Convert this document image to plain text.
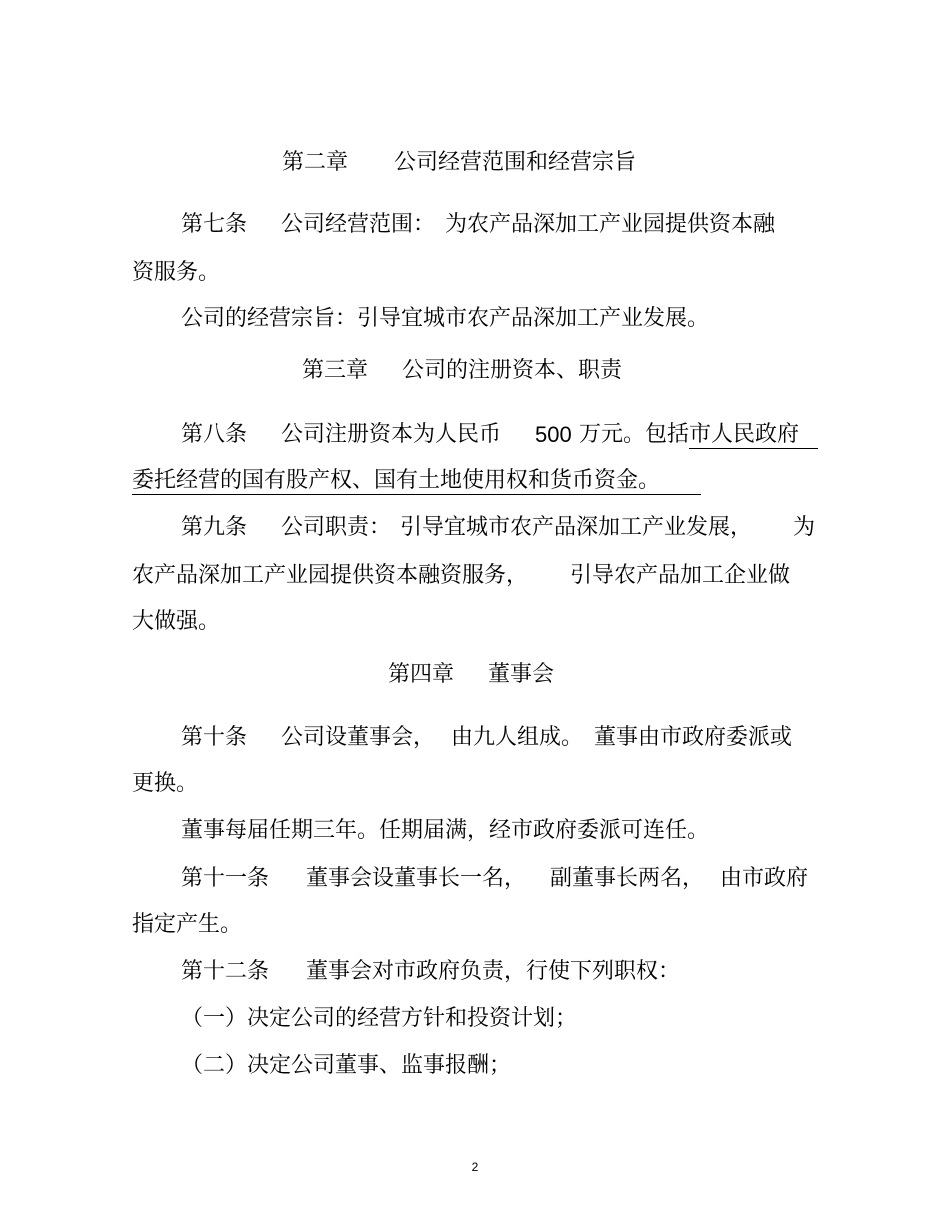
第二章 公司经营范围和经营宗旨
第七条 公司经营范围： 为农产品深加工产业园提供资本融
资服务。
公司的经营宗旨：引导宜城市农产品深加工产业发展。
第三章 公司的注册资本、职责
第八条 公司注册资本为人民币 500 万元。包括 市人民政府
委托经营的国有股产权、国有土地使用权和货币资金。
第九条 公司职责： 引导宜城市农产品深加工产业发展， 为
农产品深加工产业园提供资本融资服务， 引导农产品加工企业做
大做强。
第四章 董事会
第十条 公司设董事会， 由九人组成。 董事由市政府委派或
更换。
董事每届任期三年。任期届满，经市政府委派可连任。
第十一条 董事会设董事长一名， 副董事长两名， 由市政府
指定产生。
第十二条 董事会对市政府负责，行使下列职权：
（一）决定公司的经营方针和投资计划；
（二）决定公司董事、监事报酬；
2
